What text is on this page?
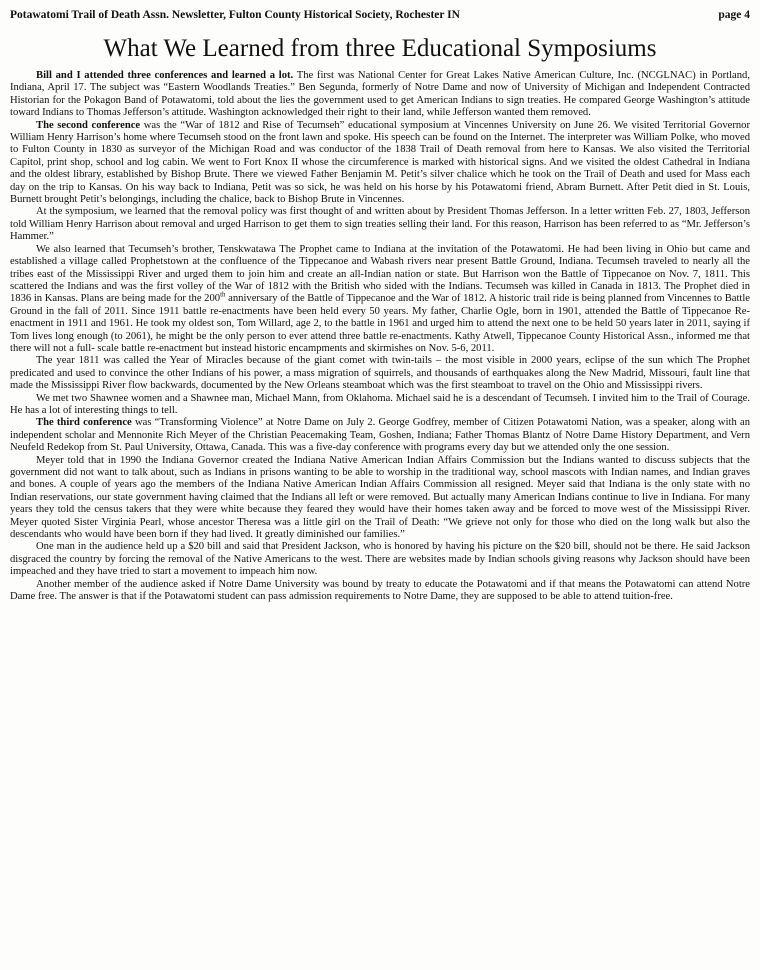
Potawatomi Trail of Death Assn. Newsletter, Fulton County Historical Society, Rochester IN	page 4
What We Learned from three Educational Symposiums

Bill and I attended three conferences and learned a lot. The first was National Center for Great Lakes Native American Culture, Inc. (NCGLNAC) in Portland, Indiana, April 17. The subject was “Eastern Woodlands Treaties.” Ben Segunda, formerly of Notre Dame and now of University of Michigan and Independent Contracted Historian for the Pokagon Band of Potawatomi, told about the lies the government used to get American Indians to sign treaties. He compared George Washington’s attitude toward Indians to Thomas Jefferson’s attitude. Washington acknowledged their right to their land, while Jefferson wanted them removed.

The second conference was the “War of 1812 and Rise of Tecumseh” educational symposium at Vincennes University on June 26. We visited Territorial Governor William Henry Harrison’s home where Tecumseh stood on the front lawn and spoke. His speech can be found on the Internet. The interpreter was William Polke, who moved to Fulton County in 1830 as surveyor of the Michigan Road and was conductor of the 1838 Trail of Death removal from here to Kansas. We also visited the Territorial Capitol, print shop, school and log cabin. We went to Fort Knox II whose the circumference is marked with historical signs. And we visited the oldest Cathedral in Indiana and the oldest library, established by Bishop Brute. There we viewed Father Benjamin M. Petit’s silver chalice which he took on the Trail of Death and used for Mass each day on the trip to Kansas. On his way back to Indiana, Petit was so sick, he was held on his horse by his Potawatomi friend, Abram Burnett. After Petit died in St. Louis, Burnett brought Petit’s belongings, including the chalice, back to Bishop Brute in Vincennes.

At the symposium, we learned that the removal policy was first thought of and written about by President Thomas Jefferson. In a letter written Feb. 27, 1803, Jefferson told William Henry Harrison about removal and urged Harrison to get them to sign treaties selling their land. For this reason, Harrison has been referred to as “Mr. Jefferson’s Hammer.”

We also learned that Tecumseh’s brother, Tenskwatawa The Prophet came to Indiana at the invitation of the Potawatomi. He had been living in Ohio but came and established a village called Prophetstown at the confluence of the Tippecanoe and Wabash rivers near present Battle Ground, Indiana. Tecumseh traveled to nearly all the tribes east of the Mississippi River and urged them to join him and create an all-Indian nation or state. But Harrison won the Battle of Tippecanoe on Nov. 7, 1811. This scattered the Indians and was the first volley of the War of 1812 with the British who sided with the Indians. Tecumseh was killed in Canada in 1813. The Prophet died in 1836 in Kansas. Plans are being made for the 200th anniversary of the Battle of Tippecanoe and the War of 1812. A historic trail ride is being planned from Vincennes to Battle Ground in the fall of 2011. Since 1911 battle re-enactments have been held every 50 years. My father, Charlie Ogle, born in 1901, attended the Battle of Tippecanoe Re-enactment in 1911 and 1961. He took my oldest son, Tom Willard, age 2, to the battle in 1961 and urged him to attend the next one to be held 50 years later in 2011, saying if Tom lives long enough (to 2061), he might be the only person to ever attend three battle re-enactments. Kathy Atwell, Tippecanoe County Historical Assn., informed me that there will not a full- scale battle re-enactment but instead historic encampments and skirmishes on Nov. 5-6, 2011.

The year 1811 was called the Year of Miracles because of the giant comet with twin-tails – the most visible in 2000 years, eclipse of the sun which The Prophet predicated and used to convince the other Indians of his power, a mass migration of squirrels, and thousands of earthquakes along the New Madrid, Missouri, fault line that made the Mississippi River flow backwards, documented by the New Orleans steamboat which was the first steamboat to travel on the Ohio and Mississippi rivers.

We met two Shawnee women and a Shawnee man, Michael Mann, from Oklahoma. Michael said he is a descendant of Tecumseh. I invited him to the Trail of Courage. He has a lot of interesting things to tell.

The third conference was “Transforming Violence” at Notre Dame on July 2. George Godfrey, member of Citizen Potawatomi Nation, was a speaker, along with an independent scholar and Mennonite Rich Meyer of the Christian Peacemaking Team, Goshen, Indiana; Father Thomas Blantz of Notre Dame History Department, and Vern Neufeld Redekop from St. Paul University, Ottawa, Canada. This was a five-day conference with programs every day but we attended only the one session.

Meyer told that in 1990 the Indiana Governor created the Indiana Native American Indian Affairs Commission but the Indians wanted to discuss subjects that the government did not want to talk about, such as Indians in prisons wanting to be able to worship in the traditional way, school mascots with Indian names, and Indian graves and bones. A couple of years ago the members of the Indiana Native American Indian Affairs Commission all resigned. Meyer said that Indiana is the only state with no Indian reservations, our state government having claimed that the Indians all left or were removed. But actually many American Indians continue to live in Indiana. For many years they told the census takers that they were white because they feared they would have their homes taken away and be forced to move west of the Mississippi River. Meyer quoted Sister Virginia Pearl, whose ancestor Theresa was a little girl on the Trail of Death: “We grieve not only for those who died on the long walk but also the descendants who would have been born if they had lived. It greatly diminished our families.”

One man in the audience held up a $20 bill and said that President Jackson, who is honored by having his picture on the $20 bill, should not be there. He said Jackson disgraced the country by forcing the removal of the Native Americans to the west. There are websites made by Indian schools giving reasons why Jackson should have been impeached and they have tried to start a movement to impeach him now.

Another member of the audience asked if Notre Dame University was bound by treaty to educate the Potawatomi and if that means the Potawatomi can attend Notre Dame free. The answer is that if the Potawatomi student can pass admission requirements to Notre Dame, they are supposed to be able to attend tuition-free.
